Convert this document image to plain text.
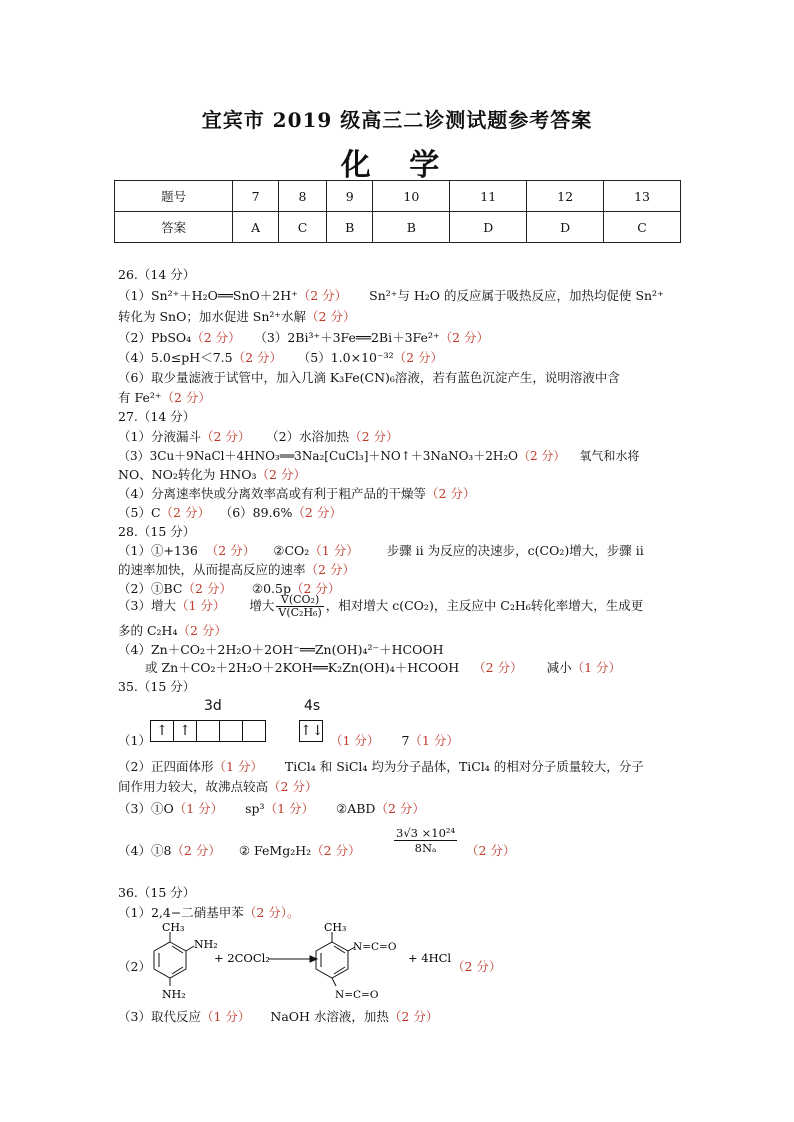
宜宾市 2019 级高三二诊测试题参考答案
化 学
题号	7	8	9	10	11	12	13
答案	A	C	B	B	D	D	C
26.（14 分）
（1）Sn²⁺＋H₂O══SnO＋2H⁺（2 分） Sn²⁺与 H₂O 的反应属于吸热反应，加热均促使 Sn²⁺
转化为 SnO；加水促进 Sn²⁺水解（2 分）
（2）PbSO₄（2 分） （3）2Bi³⁺＋3Fe══2Bi＋3Fe²⁺（2 分）
（4）5.0≤pH＜7.5（2 分） （5）1.0×10⁻³²（2 分）
（6）取少量滤液于试管中，加入几滴 K₃Fe(CN)₆溶液，若有蓝色沉淀产生，说明溶液中含
有 Fe²⁺（2 分）
27.（14 分）
（1）分液漏斗（2 分） （2）水浴加热（2 分）
（3）3Cu＋9NaCl＋4HNO₃══3Na₂[CuCl₃]＋NO↑＋3NaNO₃＋2H₂O（2 分） 氧气和水将
NO、NO₂转化为 HNO₃（2 分）
（4）分离速率快或分离效率高或有利于粗产品的干燥等（2 分）
（5）C（2 分） （6）89.6%（2 分）
28.（15 分）
（1）①+136 （2 分） ②CO₂（1 分） 步骤 ii 为反应的决速步，c(CO₂)增大，步骤 ii
的速率加快，从而提高反应的速率（2 分）
（2）①BC（2 分） ②0.5p（2 分）
（3）增大（1 分） 增大 $\frac{\text{V(CO₂)}}{\text{V(C₂H₆)}}$ ，相对增大 c(CO₂)，主反应中 C₂H₆转化率增大，生成更
多的 C₂H₄（2 分）
（4）Zn＋CO₂＋2H₂O＋2OH⁻══Zn(OH)₄²⁻＋HCOOH
或 Zn＋CO₂＋2H₂O＋2KOH══K₂Zn(OH)₄＋HCOOH （2 分） 减小（1 分）
35.（15 分）
3d	4s
↑ ↑	↑↓
（1）	（1 分） 7（1 分）
（2）正四面体形（1 分） TiCl₄ 和 SiCl₄ 均为分子晶体，TiCl₄ 的相对分子质量较大，分子
间作用力较大，故沸点较高（2 分）
（3）①O（1 分） sp³（1 分） ②ABD（2 分）
（4）①8（2 分） ② FeMg₂H₂（2 分）	$\frac{\text{3√3 ×10²⁴}}{\text{8Nₐ}} (2$ 分）
36.（15 分）
（1）2,4−二硝基甲苯（2 分）。
（2）
CH₃
NH₂
NH₂
+ 2COCl₂
CH₃
N=C=O
N=C=O
+ 4HCl
（2 分）
（3）取代反应（1 分） NaOH 水溶液，加热（2 分）
